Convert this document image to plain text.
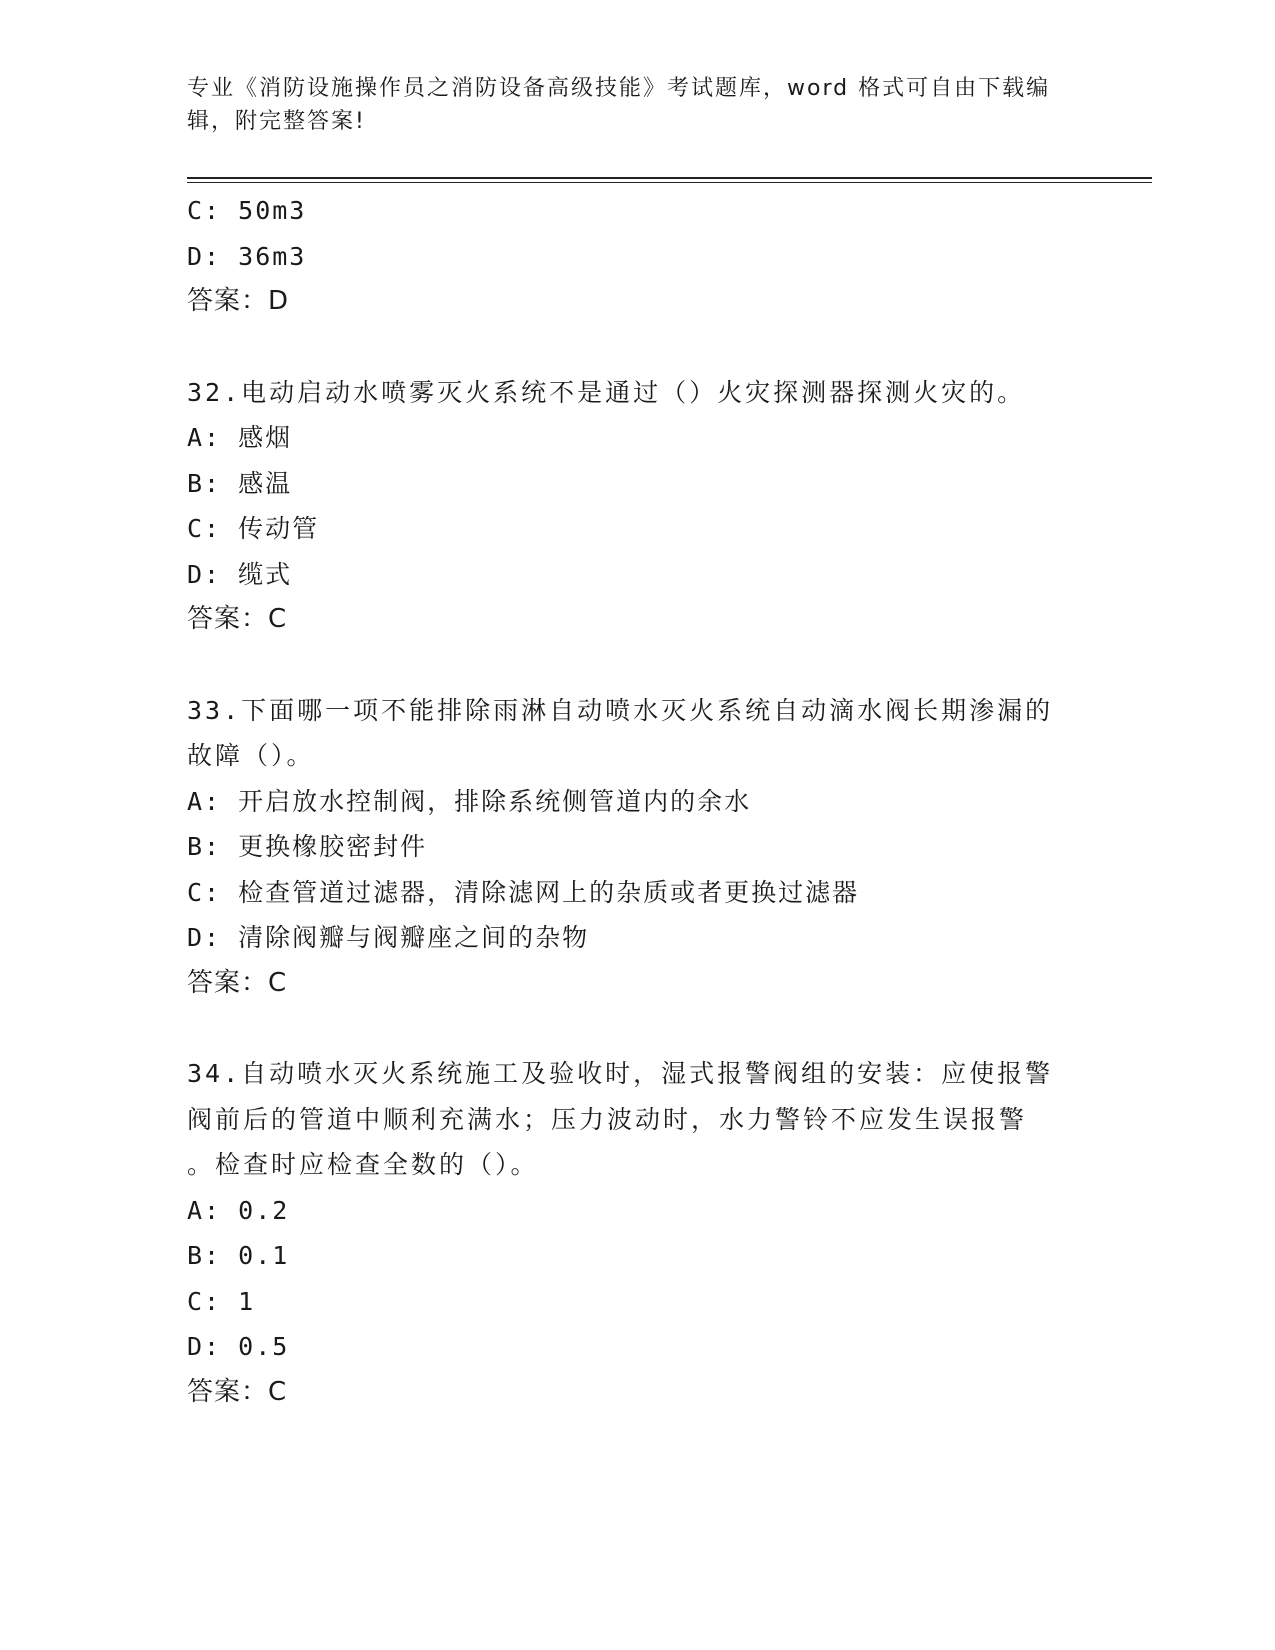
专业《消防设施操作员之消防设备高级技能》考试题库，word 格式可自由下载编
辑，附完整答案!
C: 50m3
D: 36m3
答案：D
32.电动启动水喷雾灭火系统不是通过（）火灾探测器探测火灾的。
A: 感烟
B: 感温
C: 传动管
D: 缆式
答案：C
33.下面哪一项不能排除雨淋自动喷水灭火系统自动滴水阀长期渗漏的
故障（）。
A: 开启放水控制阀，排除系统侧管道内的余水
B: 更换橡胶密封件
C: 检查管道过滤器，清除滤网上的杂质或者更换过滤器
D: 清除阀瓣与阀瓣座之间的杂物
答案：C
34.自动喷水灭火系统施工及验收时，湿式报警阀组的安装：应使报警
阀前后的管道中顺利充满水；压力波动时，水力警铃不应发生误报警
。检查时应检查全数的（）。
A: 0.2
B: 0.1
C: 1
D: 0.5
答案：C
